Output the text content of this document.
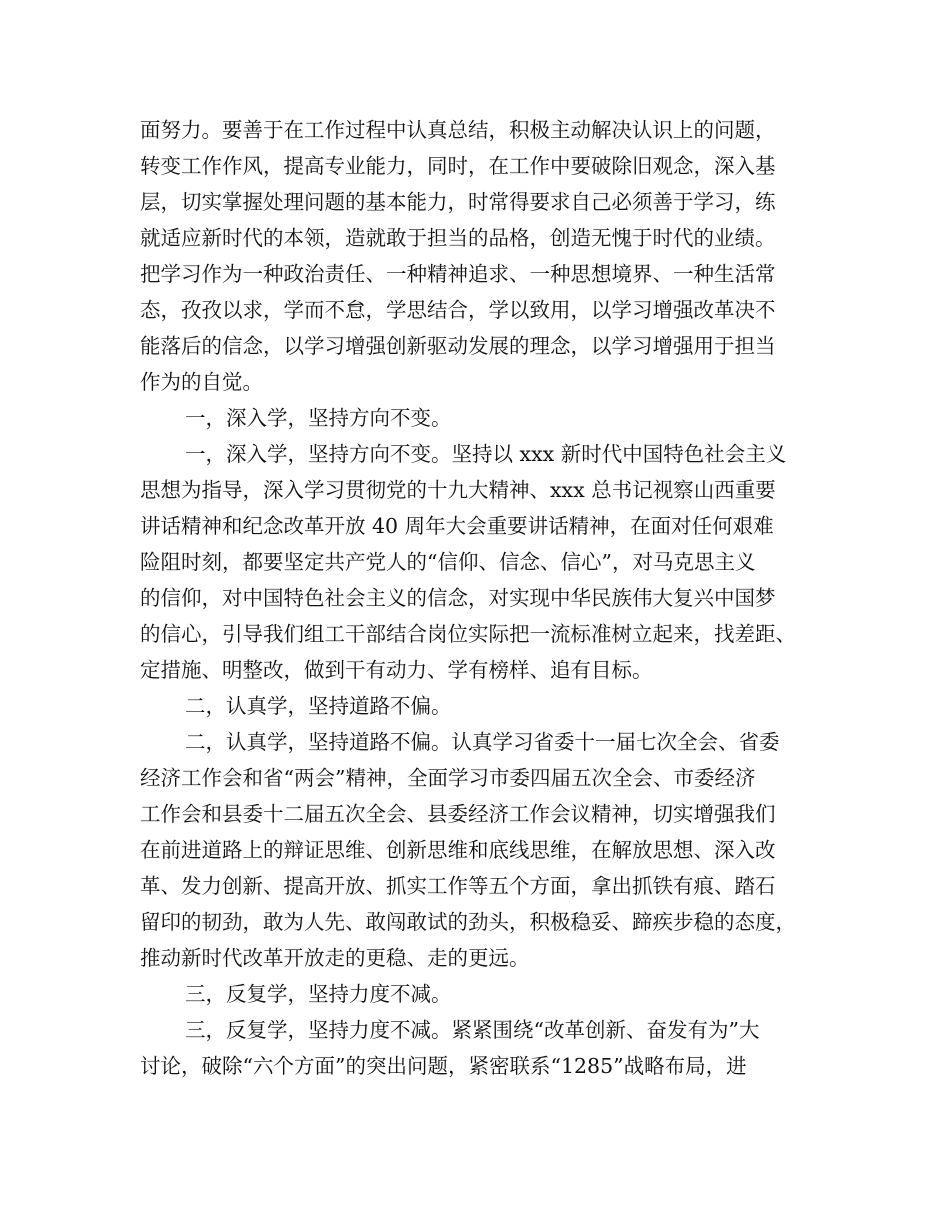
面努力。要善于在工作过程中认真总结，积极主动解决认识上的问题，
转变工作作风，提高专业能力，同时，在工作中要破除旧观念，深入基
层，切实掌握处理问题的基本能力，时常得要求自己必须善于学习，练
就适应新时代的本领，造就敢于担当的品格，创造无愧于时代的业绩。
把学习作为一种政治责任、一种精神追求、一种思想境界、一种生活常
态，孜孜以求，学而不怠，学思结合，学以致用，以学习增强改革决不
能落后的信念，以学习增强创新驱动发展的理念，以学习增强用于担当
作为的自觉。
一，深入学，坚持方向不变。
一，深入学，坚持方向不变。坚持以 xxx 新时代中国特色社会主义
思想为指导，深入学习贯彻党的十九大精神、xxx 总书记视察山西重要
讲话精神和纪念改革开放 40 周年大会重要讲话精神，在面对任何艰难
险阻时刻，都要坚定共产党人的“信仰、信念、信心”，对马克思主义
的信仰，对中国特色社会主义的信念，对实现中华民族伟大复兴中国梦
的信心，引导我们组工干部结合岗位实际把一流标准树立起来，找差距、
定措施、明整改，做到干有动力、学有榜样、追有目标。
二，认真学，坚持道路不偏。
二，认真学，坚持道路不偏。认真学习省委十一届七次全会、省委
经济工作会和省“两会”精神，全面学习市委四届五次全会、市委经济
工作会和县委十二届五次全会、县委经济工作会议精神，切实增强我们
在前进道路上的辩证思维、创新思维和底线思维，在解放思想、深入改
革、发力创新、提高开放、抓实工作等五个方面，拿出抓铁有痕、踏石
留印的韧劲，敢为人先、敢闯敢试的劲头，积极稳妥、蹄疾步稳的态度，
推动新时代改革开放走的更稳、走的更远。
三，反复学，坚持力度不减。
三，反复学，坚持力度不减。紧紧围绕“改革创新、奋发有为”大
讨论，破除“六个方面”的突出问题，紧密联系“1285”战略布局，进
